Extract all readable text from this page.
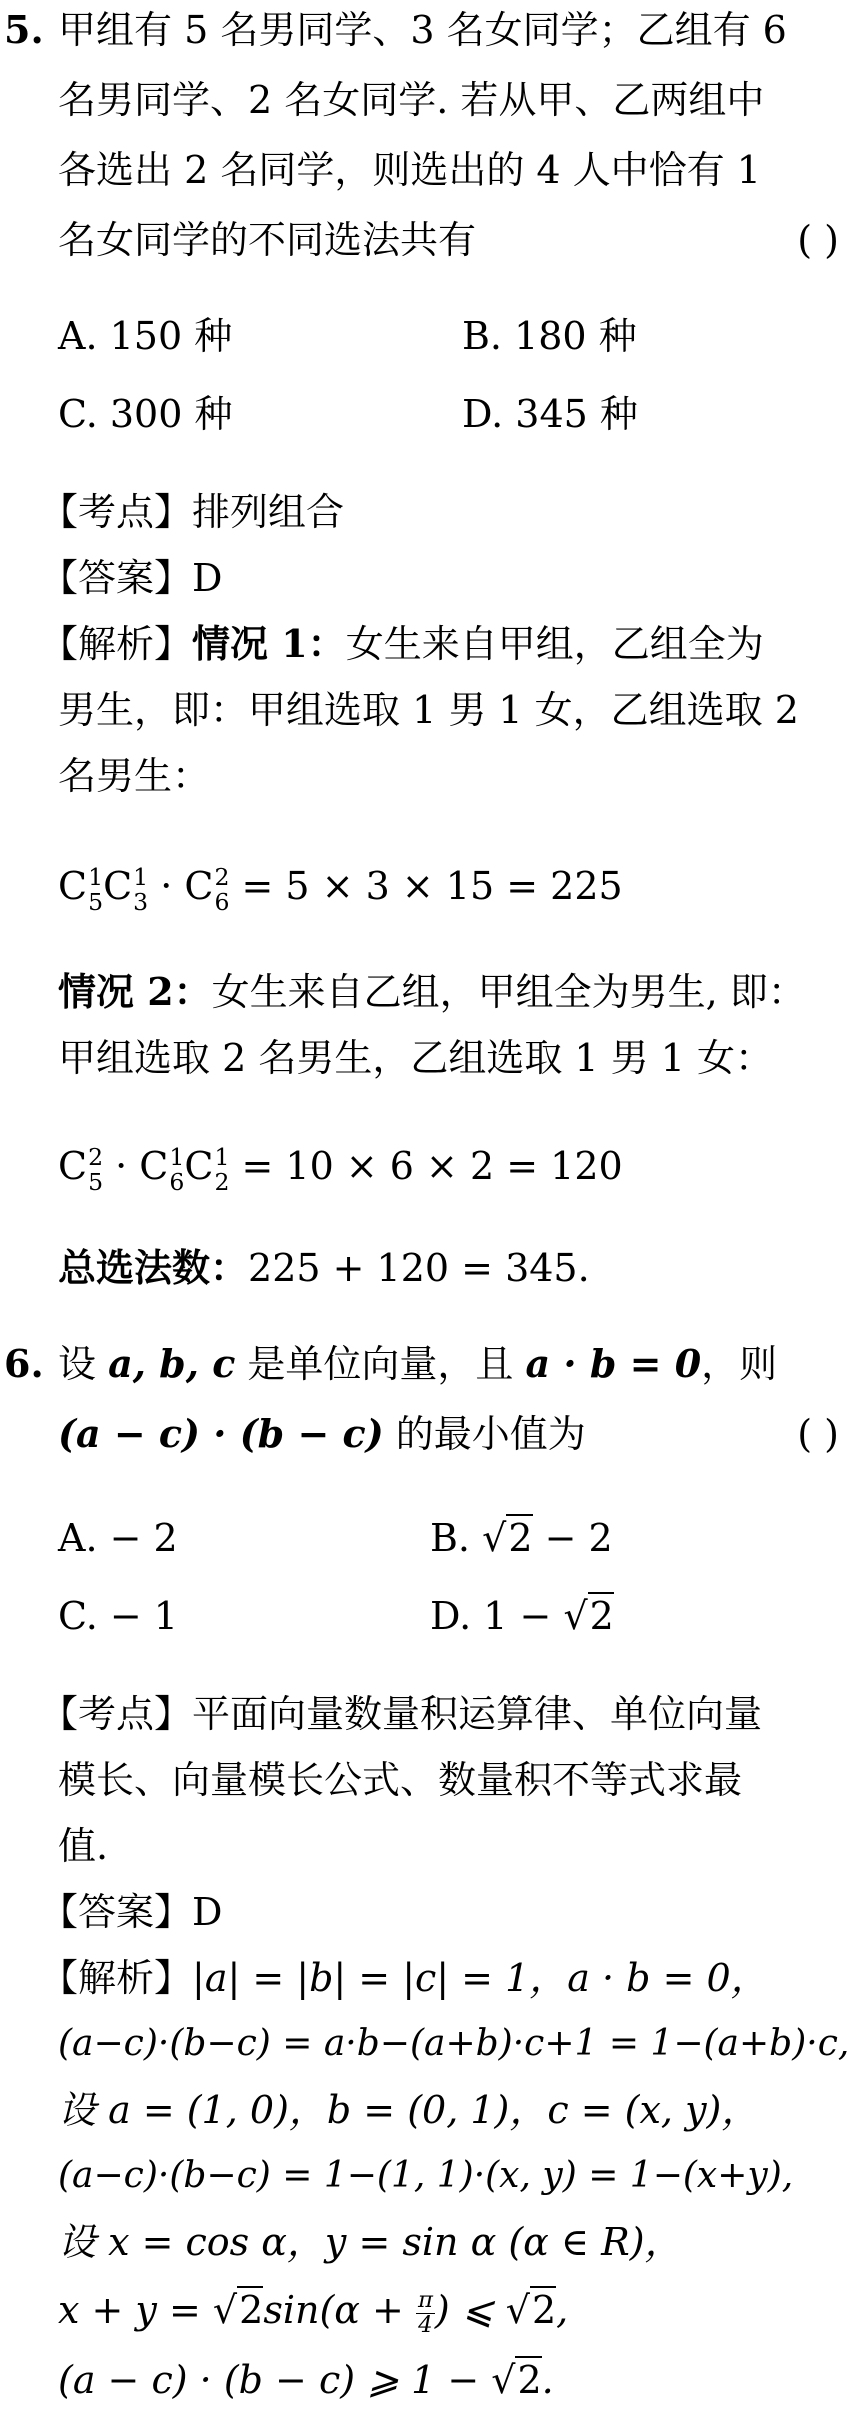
5. 甲组有 5 名男同学、3 名女同学；乙组有 6
名男同学、2 名女同学. 若从甲、乙两组中
各选出 2 名同学，则选出的 4 人中恰有 1
名女同学的不同选法共有	( )
A. 150 种	B. 180 种
C. 300 种	D. 345 种
【考点】排列组合
【答案】D
【解析】情况 1：女生来自甲组，乙组全为
男生，即：甲组选取 1 男 1 女，乙组选取 2
名男生：
C 1
5 C 1
3 · C 2
6 = 5 × 3 × 15 = 225
情况 2：女生来自乙组，甲组全为男生, 即：
甲组选取 2 名男生，乙组选取 1 男 1 女：
C 2
5 · C 1
6 C 1
2 = 10 × 6 × 2 = 120
总选法数：225 + 120 = 345.
6. 设 a, b, c 是单位向量，且 a · b = 0，则
(a − c) · (b − c) 的最小值为	( )
A. − 2	B. √2 − 2
C. − 1	D. 1 − √2
【考点】平面向量数量积运算律、单位向量
模长、向量模长公式、数量积不等式求最
值.
【答案】D
【解析】|a| = |b| = |c| = 1，a · b = 0，
(a−c)·(b−c) = a·b−(a+b)·c+1 = 1−(a+b)·c,
设 a = (1, 0)，b = (0, 1)，c = (x, y)，
(a−c)·(b−c) = 1−(1, 1)·(x, y) = 1−(x+y),
设 x = cos α，y = sin α (α ∈ R)，
$x + y = √2\sin(\alpha + \frac{\pi}{4}$ ) ⩽ √2,
(a − c) · (b − c) ⩾ 1 − √2.
